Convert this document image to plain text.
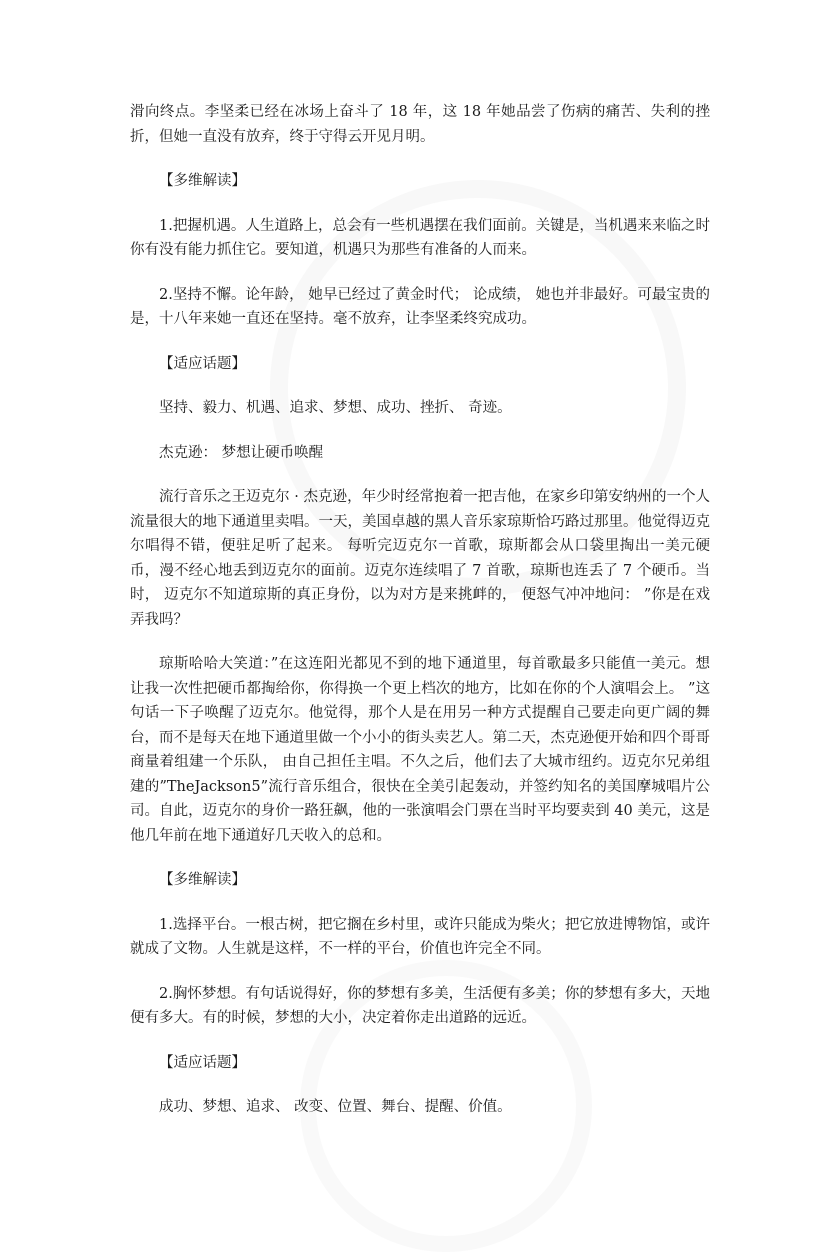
滑向终点。李坚柔已经在冰场上奋斗了 18 年，这 18 年她品尝了伤病的痛苦、失利的挫折，但她一直没有放弃，终于守得云开见月明。

【多维解读】

1.把握机遇。人生道路上，总会有一些机遇摆在我们面前。关键是，当机遇来来临之时你有没有能力抓住它。要知道，机遇只为那些有准备的人而来。

2.坚持不懈。论年龄， 她早已经过了黄金时代； 论成绩， 她也并非最好。可最宝贵的是，十八年来她一直还在坚持。毫不放弃，让李坚柔终究成功。

【适应话题】

坚持、毅力、机遇、追求、梦想、成功、挫折、 奇迹。

杰克逊： 梦想让硬币唤醒

流行音乐之王迈克尔 · 杰克逊，年少时经常抱着一把吉他，在家乡印第安纳州的一个人流量很大的地下通道里卖唱。一天，美国卓越的黑人音乐家琼斯恰巧路过那里。他觉得迈克尔唱得不错，便驻足听了起来。 每听完迈克尔一首歌，琼斯都会从口袋里掏出一美元硬币，漫不经心地丢到迈克尔的面前。迈克尔连续唱了 7 首歌，琼斯也连丢了 7 个硬币。当时， 迈克尔不知道琼斯的真正身份，以为对方是来挑衅的， 便怒气冲冲地问： ”你是在戏弄我吗？

琼斯哈哈大笑道：”在这连阳光都见不到的地下通道里，每首歌最多只能值一美元。想让我一次性把硬币都掏给你，你得换一个更上档次的地方，比如在你的个人演唱会上。 ”这句话一下子唤醒了迈克尔。他觉得，那个人是在用另一种方式提醒自己要走向更广阔的舞台，而不是每天在地下通道里做一个小小的街头卖艺人。第二天，杰克逊便开始和四个哥哥商量着组建一个乐队， 由自己担任主唱。不久之后，他们去了大城市纽约。迈克尔兄弟组建的”TheJackson5”流行音乐组合，很快在全美引起轰动，并签约知名的美国摩城唱片公司。自此，迈克尔的身价一路狂飙，他的一张演唱会门票在当时平均要卖到 40 美元，这是他几年前在地下通道好几天收入的总和。

【多维解读】

1.选择平台。一根古树，把它搁在乡村里，或许只能成为柴火；把它放进博物馆，或许就成了文物。人生就是这样，不一样的平台，价值也许完全不同。

2.胸怀梦想。有句话说得好，你的梦想有多美，生活便有多美；你的梦想有多大，天地便有多大。有的时候，梦想的大小，决定着你走出道路的远近。

【适应话题】

成功、梦想、追求、 改变、位置、舞台、提醒、价值。
